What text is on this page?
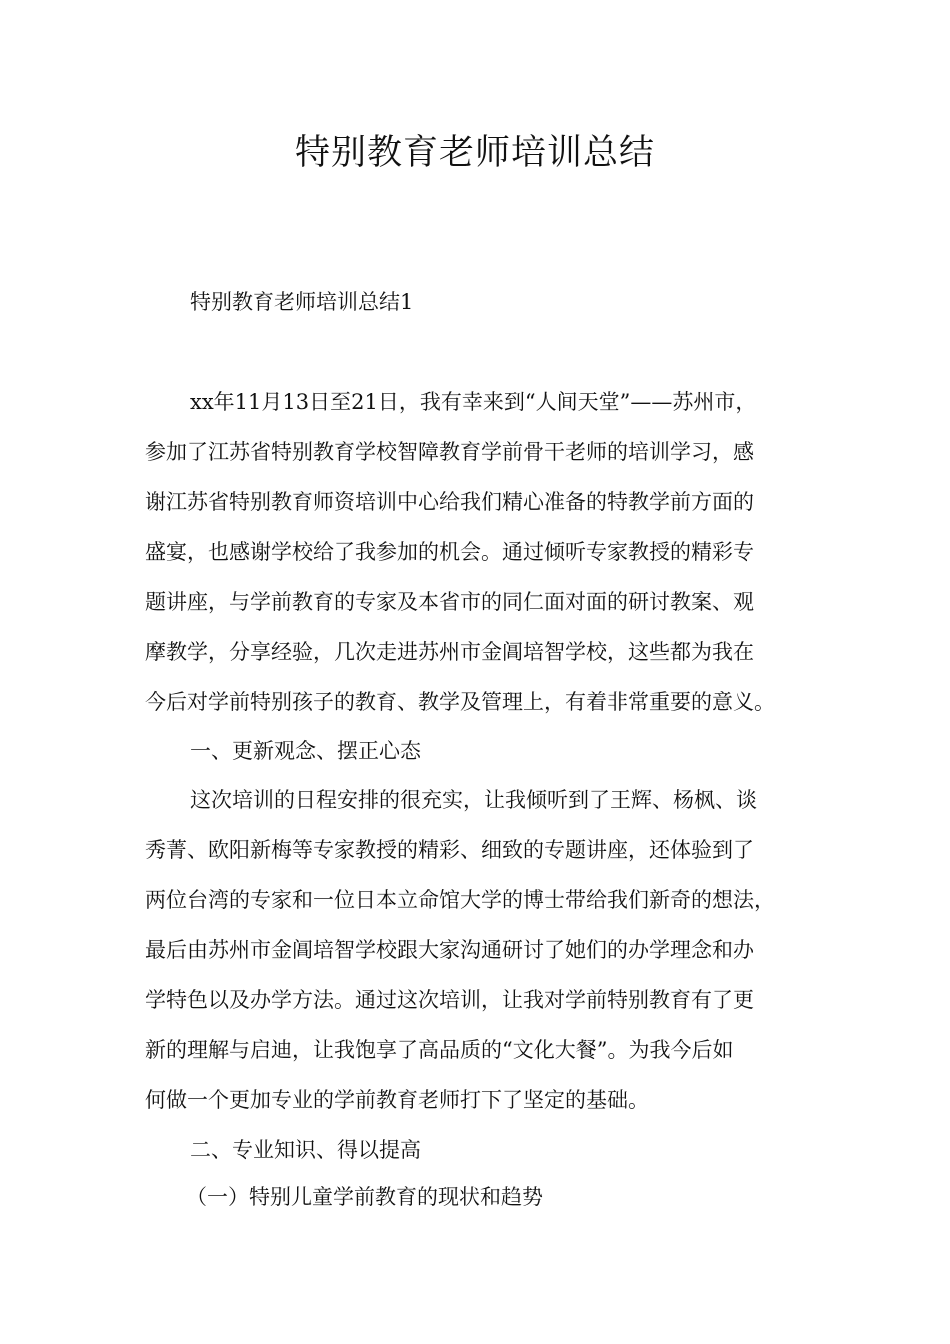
特别教育老师培训总结
特别教育老师培训总结1
xx年11月13日至21日，我有幸来到“人间天堂”——苏州市，
参加了江苏省特别教育学校智障教育学前骨干老师的培训学习，感
谢江苏省特别教育师资培训中心给我们精心准备的特教学前方面的
盛宴，也感谢学校给了我参加的机会。通过倾听专家教授的精彩专
题讲座，与学前教育的专家及本省市的同仁面对面的研讨教案、观
摩教学，分享经验，几次走进苏州市金阊培智学校，这些都为我在
今后对学前特别孩子的教育、教学及管理上，有着非常重要的意义。
一、更新观念、摆正心态
这次培训的日程安排的很充实，让我倾听到了王辉、杨枫、谈
秀菁、欧阳新梅等专家教授的精彩、细致的专题讲座，还体验到了
两位台湾的专家和一位日本立命馆大学的博士带给我们新奇的想法，
最后由苏州市金阊培智学校跟大家沟通研讨了她们的办学理念和办
学特色以及办学方法。通过这次培训，让我对学前特别教育有了更
新的理解与启迪，让我饱享了高品质的“文化大餐”。为我今后如
何做一个更加专业的学前教育老师打下了坚定的基础。
二、专业知识、得以提高
（一）特别儿童学前教育的现状和趋势
